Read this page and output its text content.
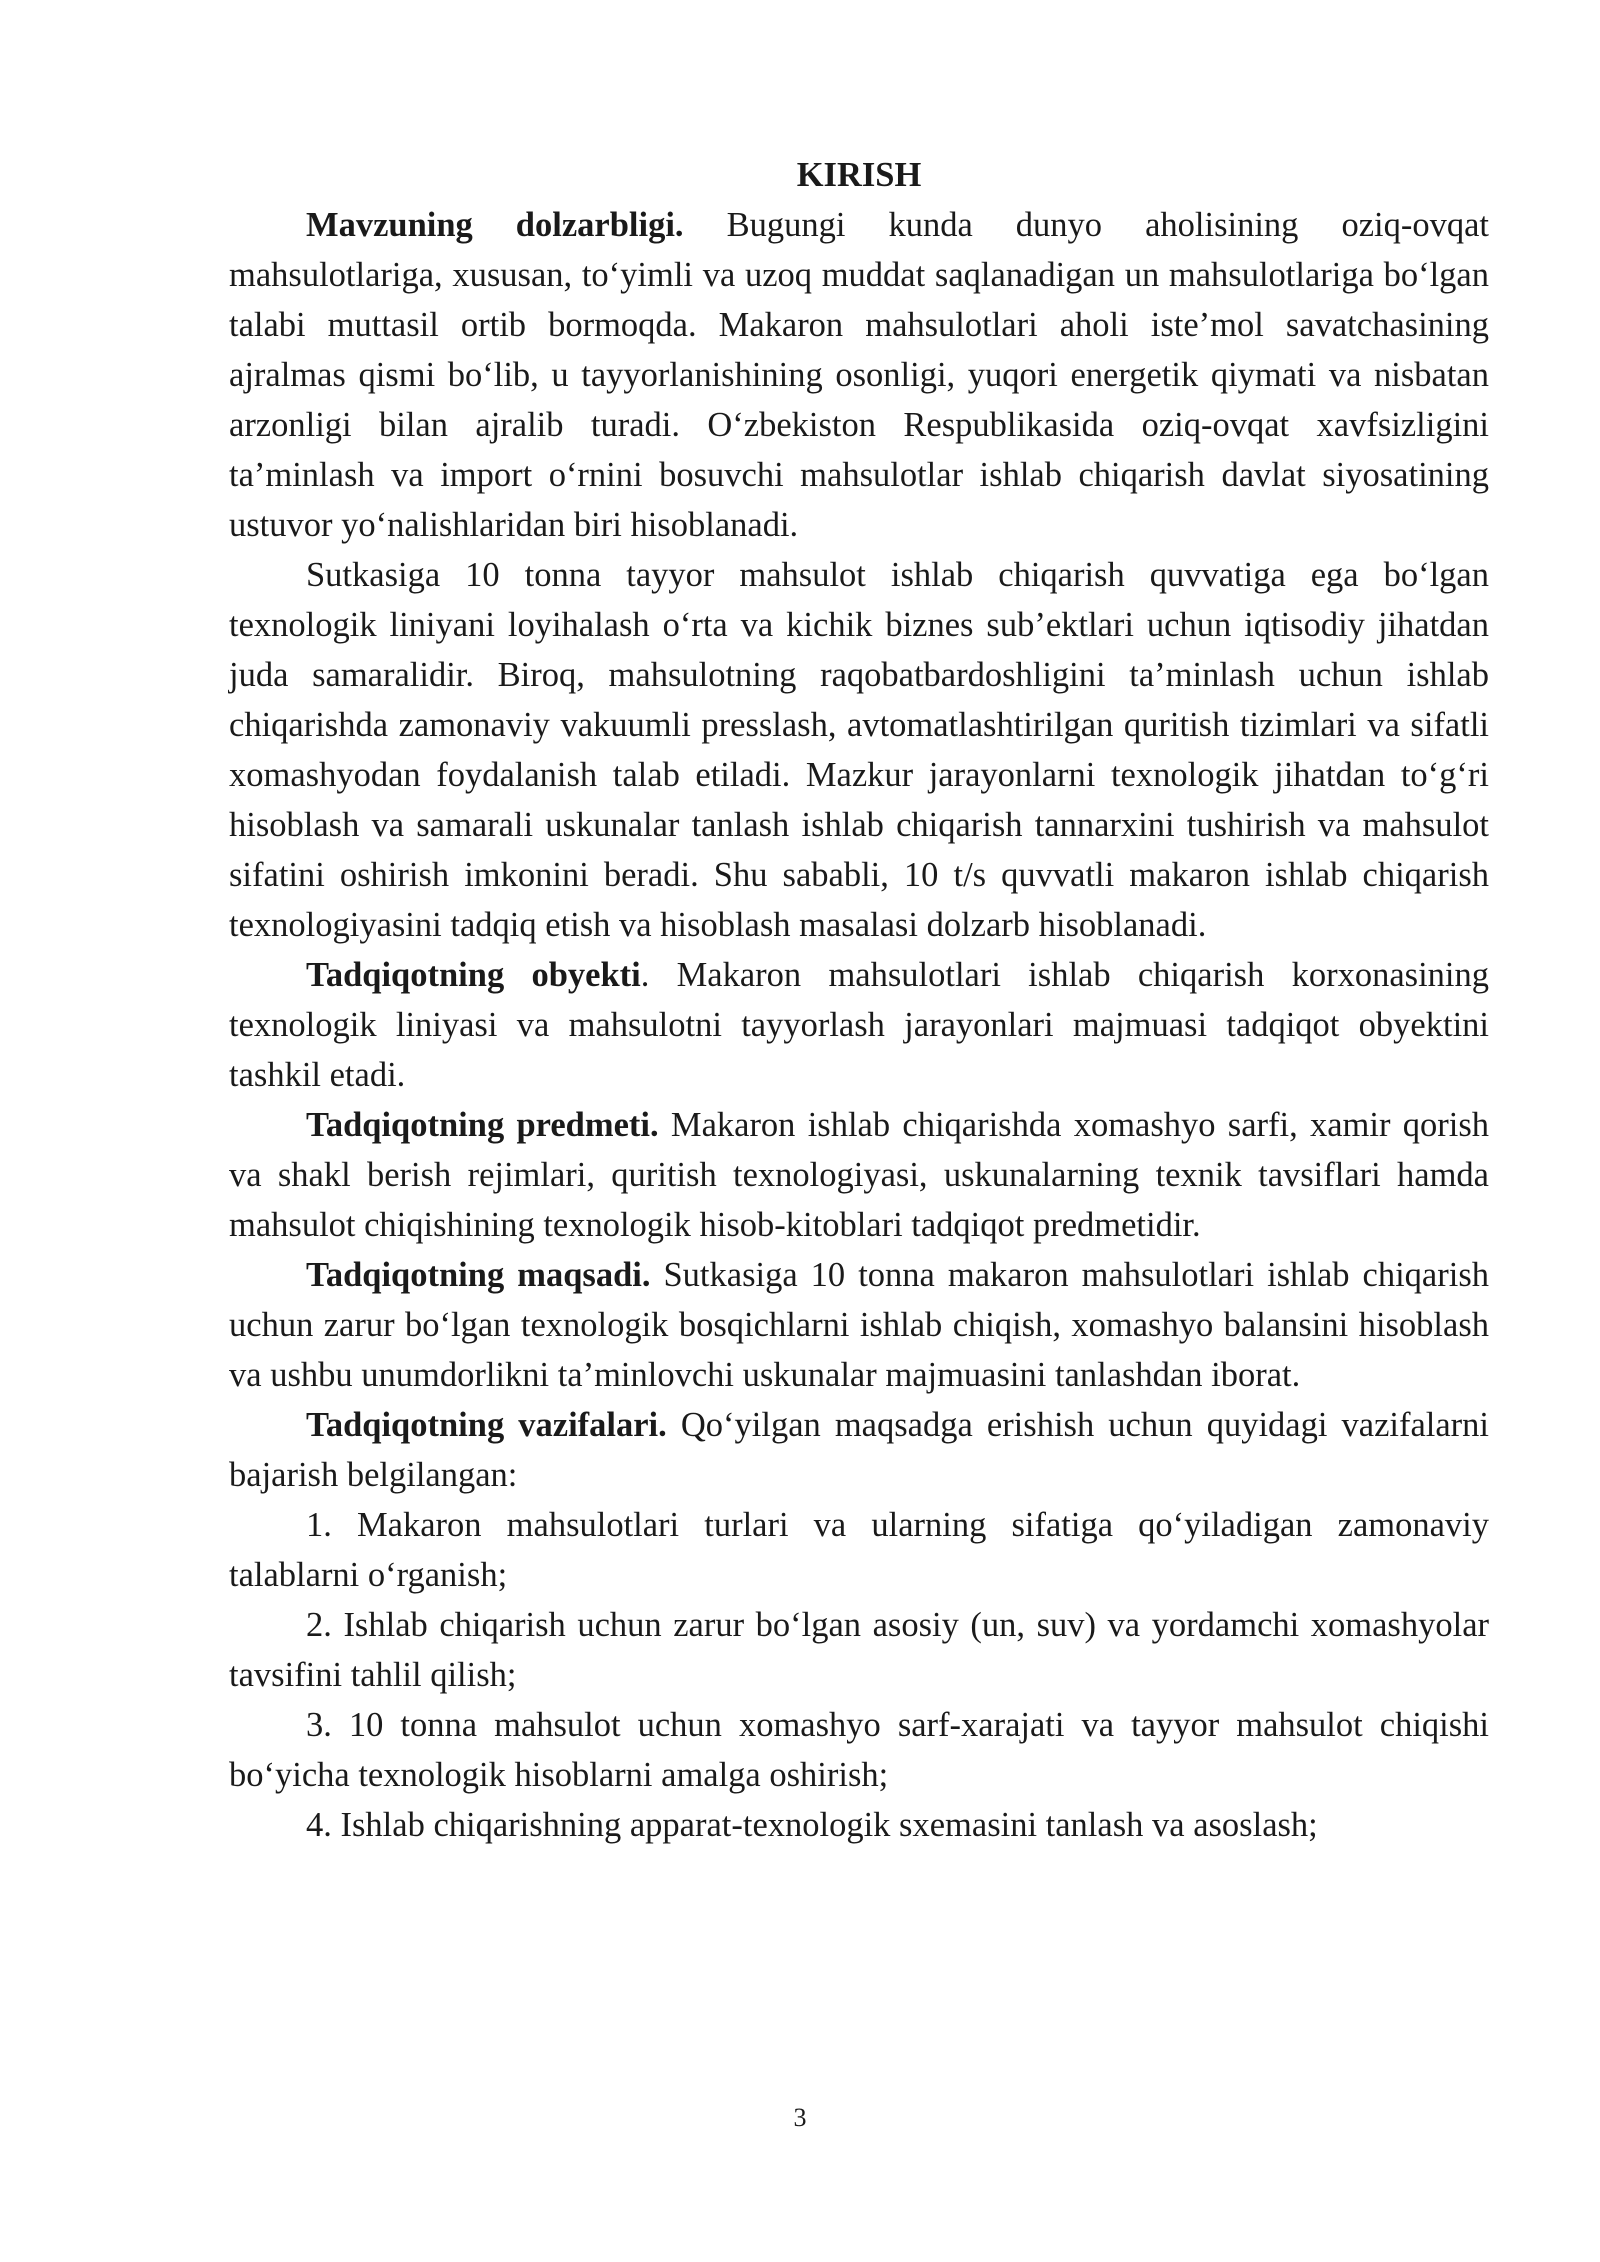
KIRISH

Mavzuning dolzarbligi. Bugungi kunda dunyo aholisining oziq-ovqat mahsulotlariga, xususan, to‘yimli va uzoq muddat saqlanadigan un mahsulotlariga bo‘lgan talabi muttasil ortib bormoqda. Makaron mahsulotlari aholi iste’mol savatchasining ajralmas qismi bo‘lib, u tayyorlanishining osonligi, yuqori energetik qiymati va nisbatan arzonligi bilan ajralib turadi. O‘zbekiston Respublikasida oziq-ovqat xavfsizligini ta’minlash va import o‘rnini bosuvchi mahsulotlar ishlab chiqarish davlat siyosatining ustuvor yo‘nalishlaridan biri hisoblanadi.

Sutkasiga 10 tonna tayyor mahsulot ishlab chiqarish quvvatiga ega bo‘lgan texnologik liniyani loyihalash o‘rta va kichik biznes sub’ektlari uchun iqtisodiy jihatdan juda samaralidir. Biroq, mahsulotning raqobatbardoshligini ta’minlash uchun ishlab chiqarishda zamonaviy vakuumli presslash, avtomatlashtirilgan quritish tizimlari va sifatli xomashyodan foydalanish talab etiladi. Mazkur jarayonlarni texnologik jihatdan to‘g‘ri hisoblash va samarali uskunalar tanlash ishlab chiqarish tannarxini tushirish va mahsulot sifatini oshirish imkonini beradi. Shu sababli, 10 t/s quvvatli makaron ishlab chiqarish texnologiyasini tadqiq etish va hisoblash masalasi dolzarb hisoblanadi.

Tadqiqotning obyekti. Makaron mahsulotlari ishlab chiqarish korxonasining texnologik liniyasi va mahsulotni tayyorlash jarayonlari majmuasi tadqiqot obyektini tashkil etadi.

Tadqiqotning predmeti. Makaron ishlab chiqarishda xomashyo sarfi, xamir qorish va shakl berish rejimlari, quritish texnologiyasi, uskunalarning texnik tavsiflari hamda mahsulot chiqishining texnologik hisob-kitoblari tadqiqot predmetidir.

Tadqiqotning maqsadi. Sutkasiga 10 tonna makaron mahsulotlari ishlab chiqarish uchun zarur bo‘lgan texnologik bosqichlarni ishlab chiqish, xomashyo balansini hisoblash va ushbu unumdorlikni ta’minlovchi uskunalar majmuasini tanlashdan iborat.

Tadqiqotning vazifalari. Qo‘yilgan maqsadga erishish uchun quyidagi vazifalarni bajarish belgilangan:

1. Makaron mahsulotlari turlari va ularning sifatiga qo‘yiladigan zamonaviy talablarni o‘rganish;

2. Ishlab chiqarish uchun zarur bo‘lgan asosiy (un, suv) va yordamchi xomashyolar tavsifini tahlil qilish;

3. 10 tonna mahsulot uchun xomashyo sarf-xarajati va tayyor mahsulot chiqishi bo‘yicha texnologik hisoblarni amalga oshirish;

4. Ishlab chiqarishning apparat-texnologik sxemasini tanlash va asoslash;

3
